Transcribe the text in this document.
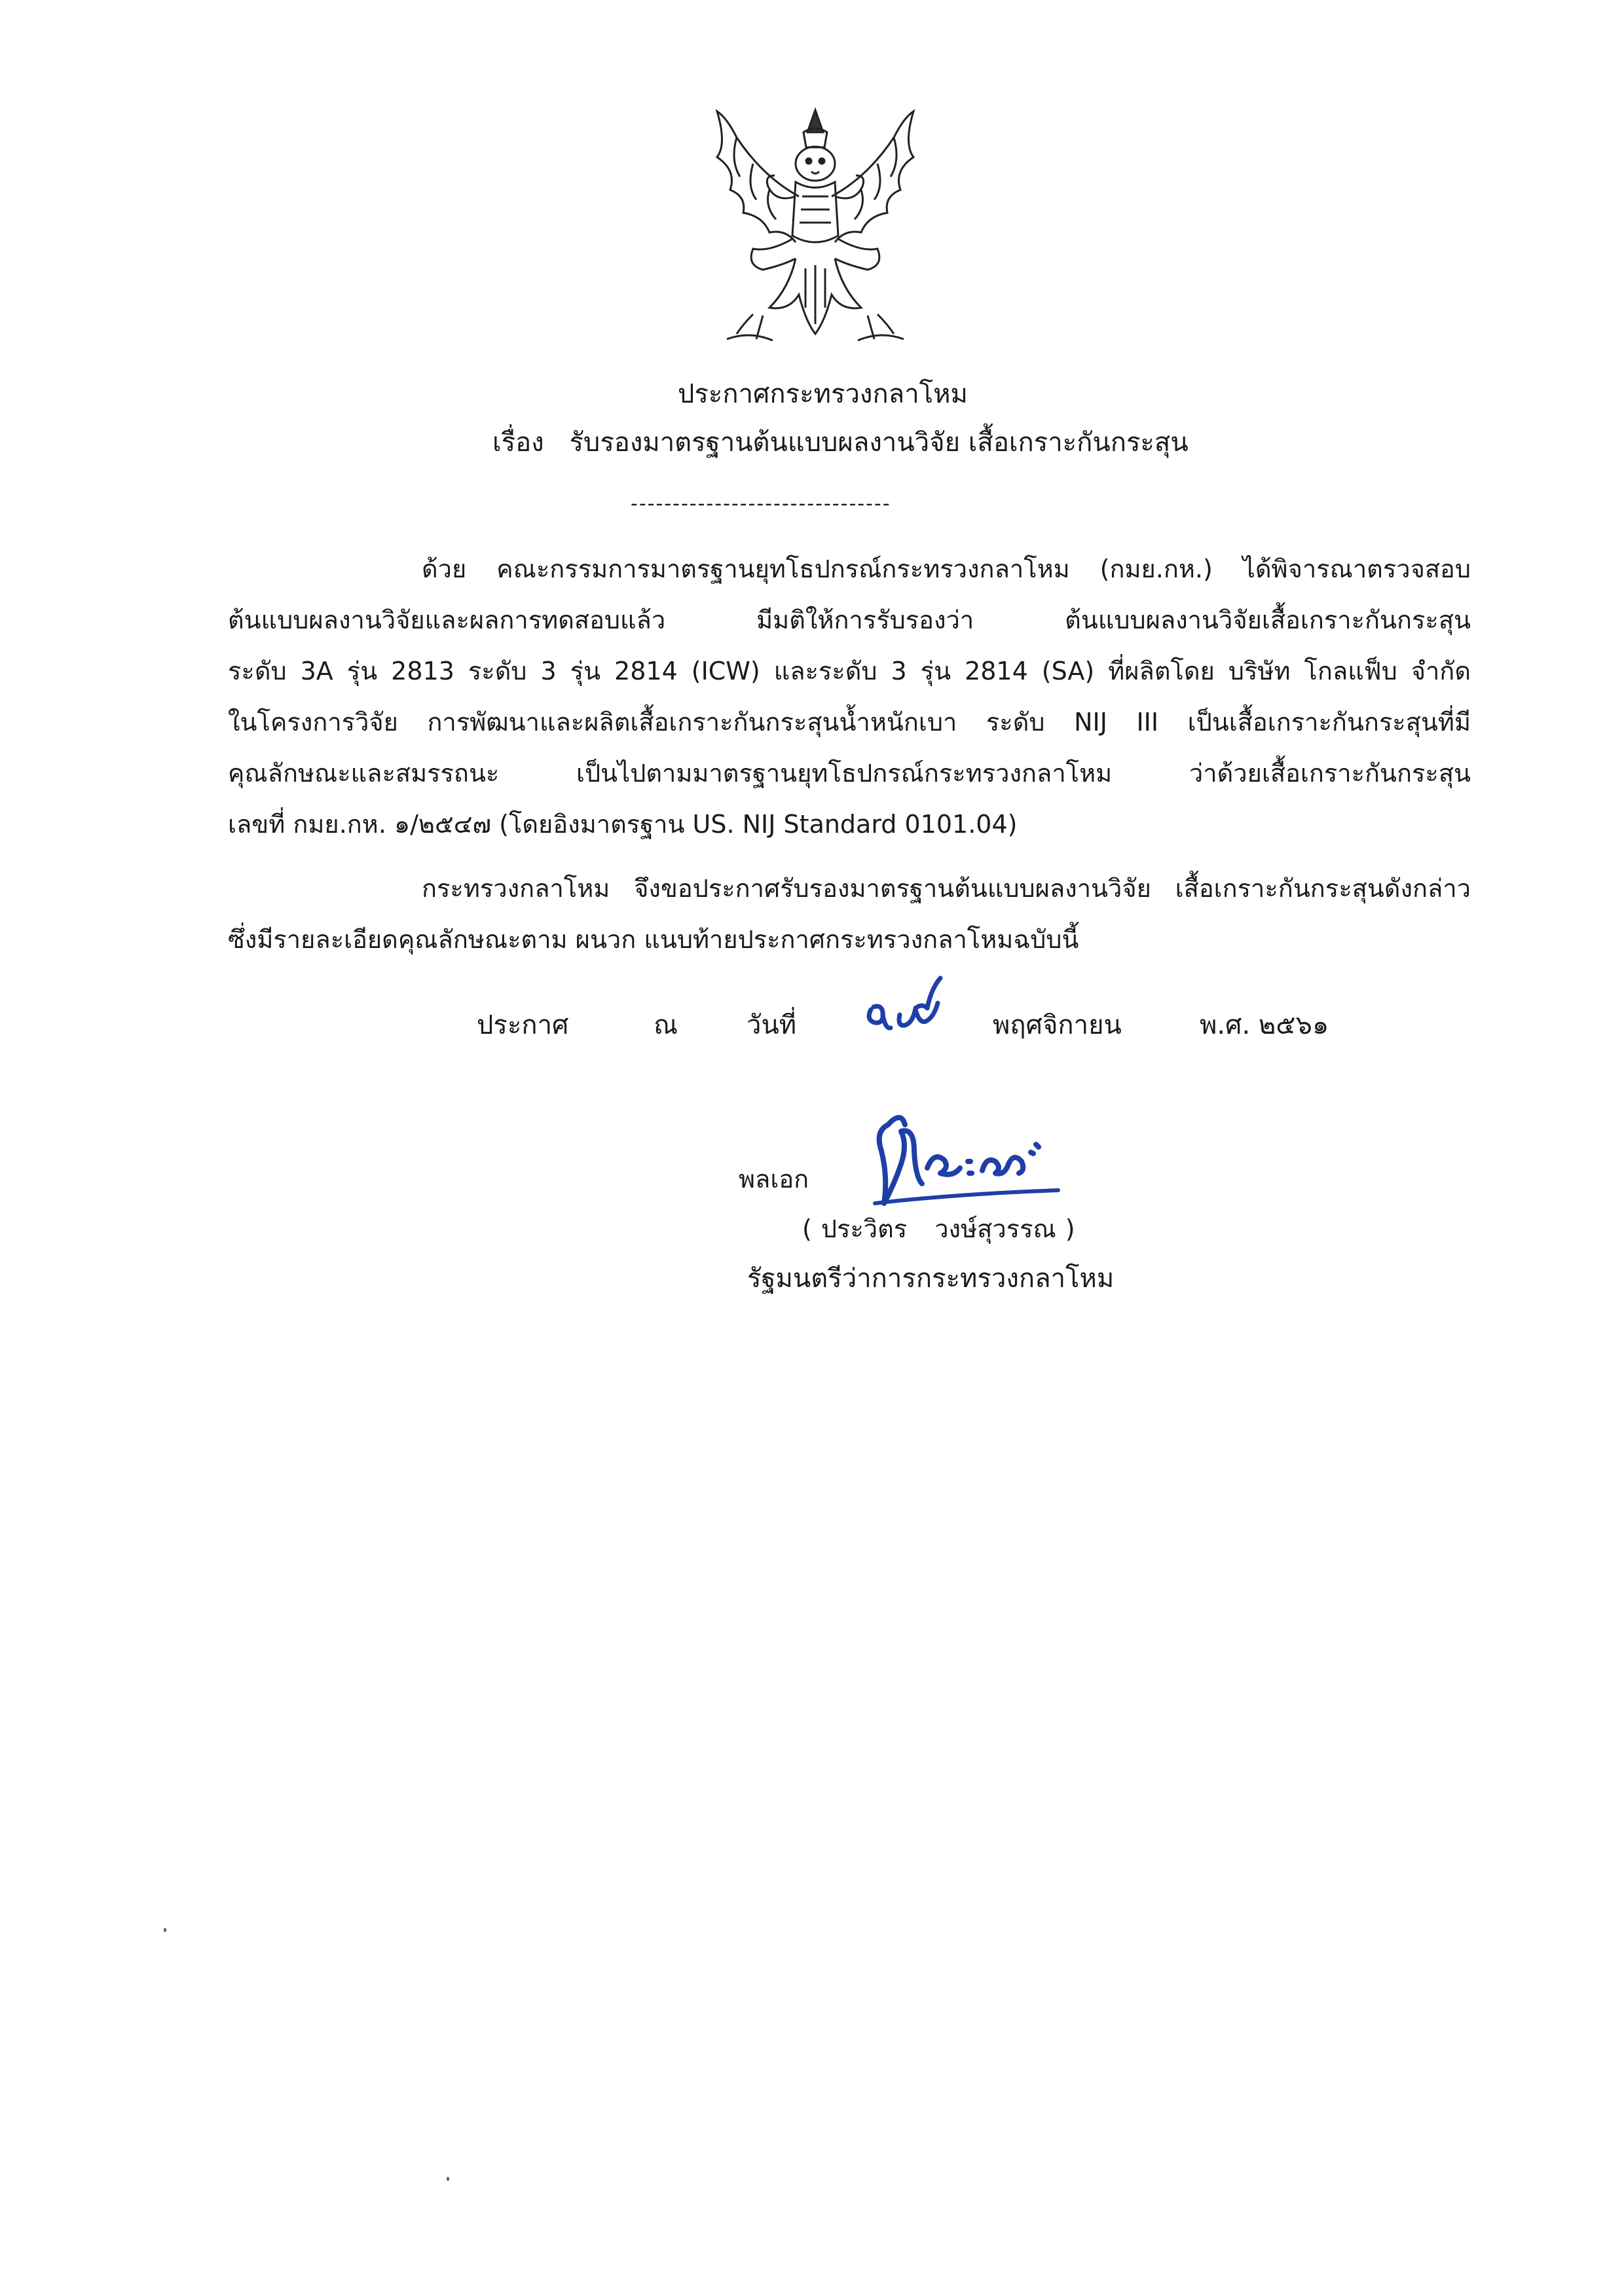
ประกาศกระทรวงกลาโหม
เรื่อง รับรองมาตรฐานต้นแบบผลงานวิจัย เสื้อเกราะกันกระสุน
-------------------------------
ด้วย คณะกรรมการมาตรฐานยุทโธปกรณ์กระทรวงกลาโหม (กมย.กห.) ได้พิจารณาตรวจสอบ
ต้นแบบผลงานวิจัยและผลการทดสอบแล้ว มีมติให้การรับรองว่า ต้นแบบผลงานวิจัยเสื้อเกราะกันกระสุน
ระดับ 3A รุ่น 2813 ระดับ 3 รุ่น 2814 (ICW) และระดับ 3 รุ่น 2814 (SA) ที่ผลิตโดย บริษัท โกลแฟ็บ จำกัด
ในโครงการวิจัย การพัฒนาและผลิตเสื้อเกราะกันกระสุนน้ำหนักเบา ระดับ NIJ III เป็นเสื้อเกราะกันกระสุนที่มี
คุณลักษณะและสมรรถนะ เป็นไปตามมาตรฐานยุทโธปกรณ์กระทรวงกลาโหม ว่าด้วยเสื้อเกราะกันกระสุน
เลขที่ กมย.กห. ๑/๒๕๔๗ (โดยอิงมาตรฐาน US. NIJ Standard 0101.04)
กระทรวงกลาโหม จึงขอประกาศรับรองมาตรฐานต้นแบบผลงานวิจัย เสื้อเกราะกันกระสุนดังกล่าว
ซึ่งมีรายละเอียดคุณลักษณะตาม ผนวก แนบท้ายประกาศกระทรวงกลาโหมฉบับนี้
ประกาศ	ณ	วันที่	พฤศจิกายน	พ.ศ. ๒๕๖๑
พลเอก
( ประวิตร วงษ์สุวรรณ )
รัฐมนตรีว่าการกระทรวงกลาโหม
